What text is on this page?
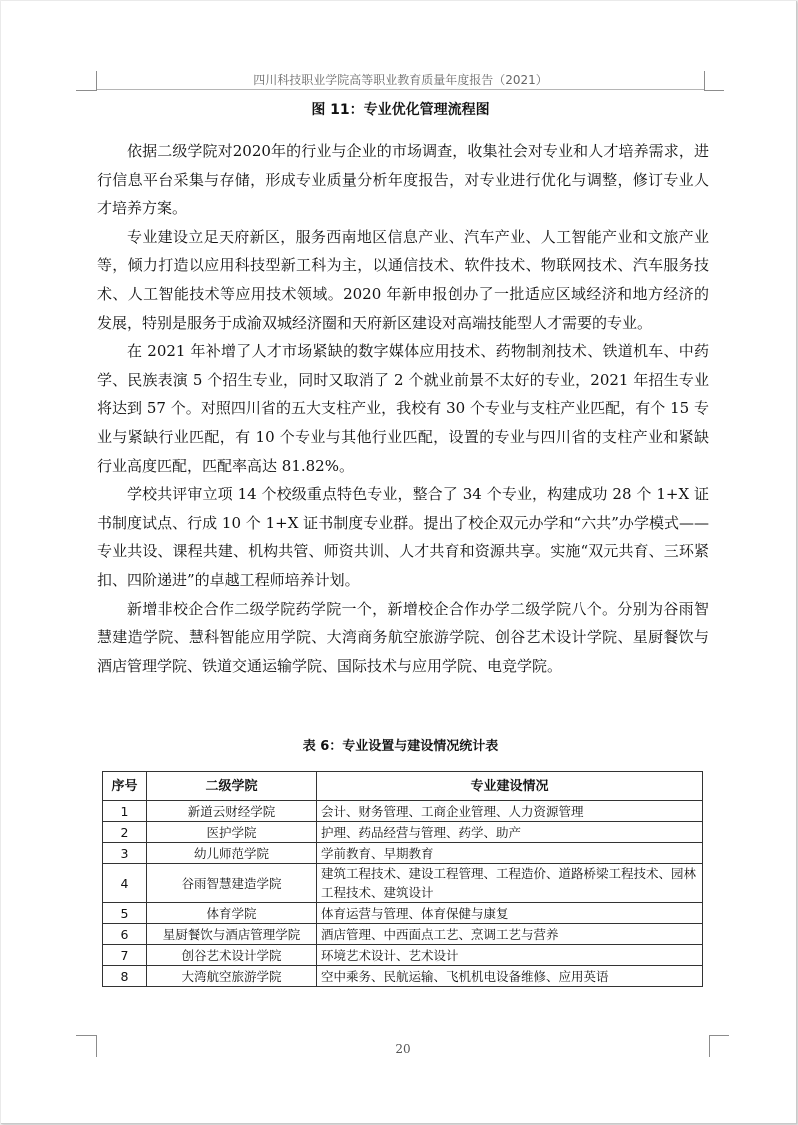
四川科技职业学院高等职业教育质量年度报告（2021）
图 11：专业优化管理流程图

依据二级学院对2020年的行业与企业的市场调查，收集社会对专业和人才培养需求，进行信息平台采集与存储，形成专业质量分析年度报告，对专业进行优化与调整，修订专业人才培养方案。

专业建设立足天府新区，服务西南地区信息产业、汽车产业、人工智能产业和文旅产业等，倾力打造以应用科技型新工科为主，以通信技术、软件技术、物联网技术、汽车服务技术、人工智能技术等应用技术领域。2020 年新申报创办了一批适应区域经济和地方经济的发展，特别是服务于成渝双城经济圈和天府新区建设对高端技能型人才需要的专业。

在 2021 年补增了人才市场紧缺的数字媒体应用技术、药物制剂技术、铁道机车、中药学、民族表演 5 个招生专业，同时又取消了 2 个就业前景不太好的专业，2021 年招生专业将达到 57 个。对照四川省的五大支柱产业，我校有 30 个专业与支柱产业匹配，有个 15 专业与紧缺行业匹配，有 10 个专业与其他行业匹配，设置的专业与四川省的支柱产业和紧缺行业高度匹配，匹配率高达 81.82%。

学校共评审立项 14 个校级重点特色专业，整合了 34 个专业，构建成功 28 个 1+X 证书制度试点、行成 10 个 1+X 证书制度专业群。提出了校企双元办学和“六共”办学模式——专业共设、课程共建、机构共管、师资共训、人才共育和资源共享。实施“双元共育、三环紧扣、四阶递进”的卓越工程师培养计划。

新增非校企合作二级学院药学院一个，新增校企合作办学二级学院八个。分别为谷雨智慧建造学院、慧科智能应用学院、大湾商务航空旅游学院、创谷艺术设计学院、星厨餐饮与酒店管理学院、铁道交通运输学院、国际技术与应用学院、电竞学院。

表 6：专业设置与建设情况统计表
序号	二级学院	专业建设情况
1	新道云财经学院	会计、财务管理、工商企业管理、人力资源管理
2	医护学院	护理、药品经营与管理、药学、助产
3	幼儿师范学院	学前教育、早期教育
4	谷雨智慧建造学院	建筑工程技术、建设工程管理、工程造价、道路桥梁工程技术、园林工程技术、建筑设计
5	体育学院	体育运营与管理、体育保健与康复
6	星厨餐饮与酒店管理学院	酒店管理、中西面点工艺、烹调工艺与营养
7	创谷艺术设计学院	环境艺术设计、艺术设计
8	大湾航空旅游学院	空中乘务、民航运输、飞机机电设备维修、应用英语
20
